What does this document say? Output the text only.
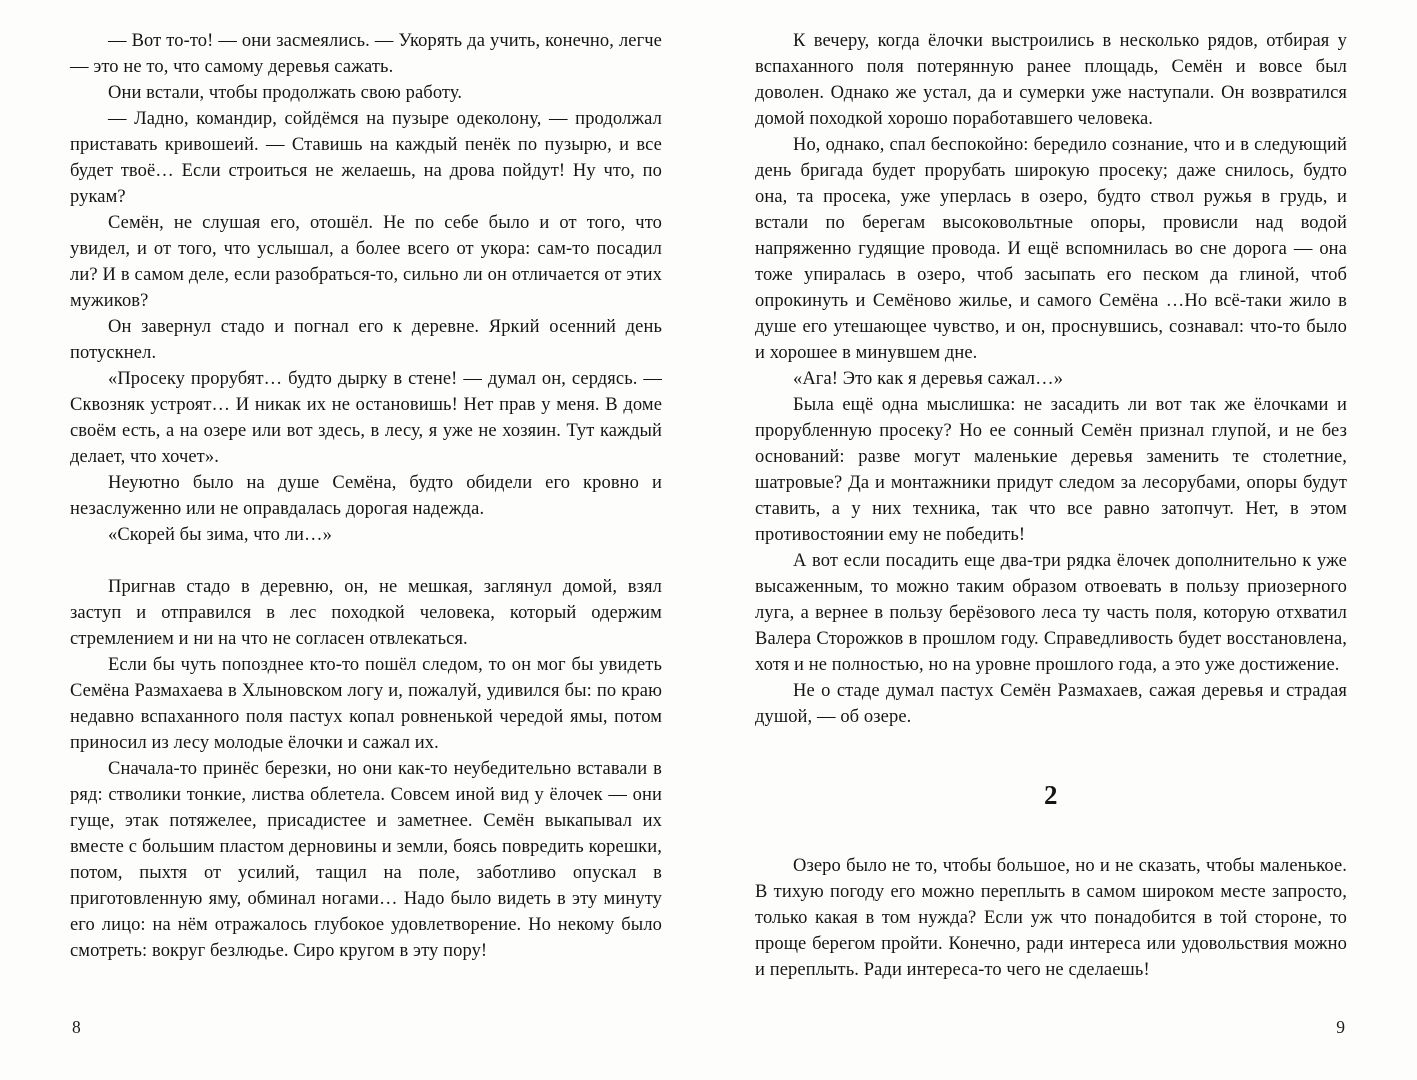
— Вот то-то! — они засмеялись. — Укорять да учить, конечно, легче — это не то, что самому деревья сажать.

Они встали, чтобы продолжать свою работу.

— Ладно, командир, сойдёмся на пузыре одеколону, — продолжал приставать кривошеий. — Ставишь на каждый пенёк по пузырю, и все будет твоё… Если строиться не желаешь, на дрова пойдут! Ну что, по рукам?

Семён, не слушая его, отошёл. Не по себе было и от того, что увидел, и от того, что услышал, а более всего от укора: сам-то посадил ли? И в самом деле, если разобраться-то, сильно ли он отличается от этих мужиков?

Он завернул стадо и погнал его к деревне. Яркий осенний день потускнел.

«Просеку прорубят… будто дырку в стене! — думал он, сердясь. — Сквозняк устроят… И никак их не остановишь! Нет прав у меня. В доме своём есть, а на озере или вот здесь, в лесу, я уже не хозяин. Тут каждый делает, что хочет».

Неуютно было на душе Семёна, будто обидели его кровно и незаслуженно или не оправдалась дорогая надежда.

«Скорей бы зима, что ли…»

Пригнав стадо в деревню, он, не мешкая, заглянул домой, взял заступ и отправился в лес походкой человека, который одержим стремлением и ни на что не согласен отвлекаться.

Если бы чуть попозднее кто-то пошёл следом, то он мог бы увидеть Семёна Размахаева в Хлыновском логу и, пожалуй, удивился бы: по краю недавно вспаханного поля пастух копал ровненькой чередой ямы, потом приносил из лесу молодые ёлочки и сажал их.

Сначала-то принёс березки, но они как-то неубедительно вставали в ряд: стволики тонкие, листва облетела. Совсем иной вид у ёлочек — они гуще, этак потяжелее, присадистее и заметнее. Семён выкапывал их вместе с большим пластом дерновины и земли, боясь повредить корешки, потом, пыхтя от усилий, тащил на поле, заботливо опускал в приготовленную яму, обминал ногами… Надо было видеть в эту минуту его лицо: на нём отражалось глубокое удовлетворение. Но некому было смотреть: вокруг безлюдье. Сиро кругом в эту пору!

8

К вечеру, когда ёлочки выстроились в несколько рядов, отбирая у вспаханного поля потерянную ранее площадь, Семён и вовсе был доволен. Однако же устал, да и сумерки уже наступали. Он возвратился домой походкой хорошо поработавшего человека.

Но, однако, спал беспокойно: бередило сознание, что и в следующий день бригада будет прорубать широкую просеку; даже снилось, будто она, та просека, уже уперлась в озеро, будто ствол ружья в грудь, и встали по берегам высоковольтные опоры, провисли над водой напряженно гудящие провода. И ещё вспомнилась во сне дорога — она тоже упиралась в озеро, чтоб засыпать его песком да глиной, чтоб опрокинуть и Семёново жилье, и самого Семёна …Но всё-таки жило в душе его утешающее чувство, и он, проснувшись, сознавал: что-то было и хорошее в минувшем дне.

«Ага! Это как я деревья сажал…»

Была ещё одна мыслишка: не засадить ли вот так же ёлочками и прорубленную просеку? Но ее сонный Семён признал глупой, и не без оснований: разве могут маленькие деревья заменить те столетние, шатровые? Да и монтажники придут следом за лесорубами, опоры будут ставить, а у них техника, так что все равно затопчут. Нет, в этом противостоянии ему не победить!

А вот если посадить еще два-три рядка ёлочек дополнительно к уже высаженным, то можно таким образом отвоевать в пользу приозерного луга, а вернее в пользу берёзового леса ту часть поля, которую отхватил Валера Сторожков в прошлом году. Справедливость будет восстановлена, хотя и не полностью, но на уровне прошлого года, а это уже достижение.

Не о стаде думал пастух Семён Размахаев, сажая деревья и страдая душой, — об озере.

2

Озеро было не то, чтобы большое, но и не сказать, чтобы маленькое. В тихую погоду его можно переплыть в самом широком месте запросто, только какая в том нужда? Если уж что понадобится в той стороне, то проще берегом пройти. Конечно, ради интереса или удовольствия можно и переплыть. Ради интереса-то чего не сделаешь!

9
